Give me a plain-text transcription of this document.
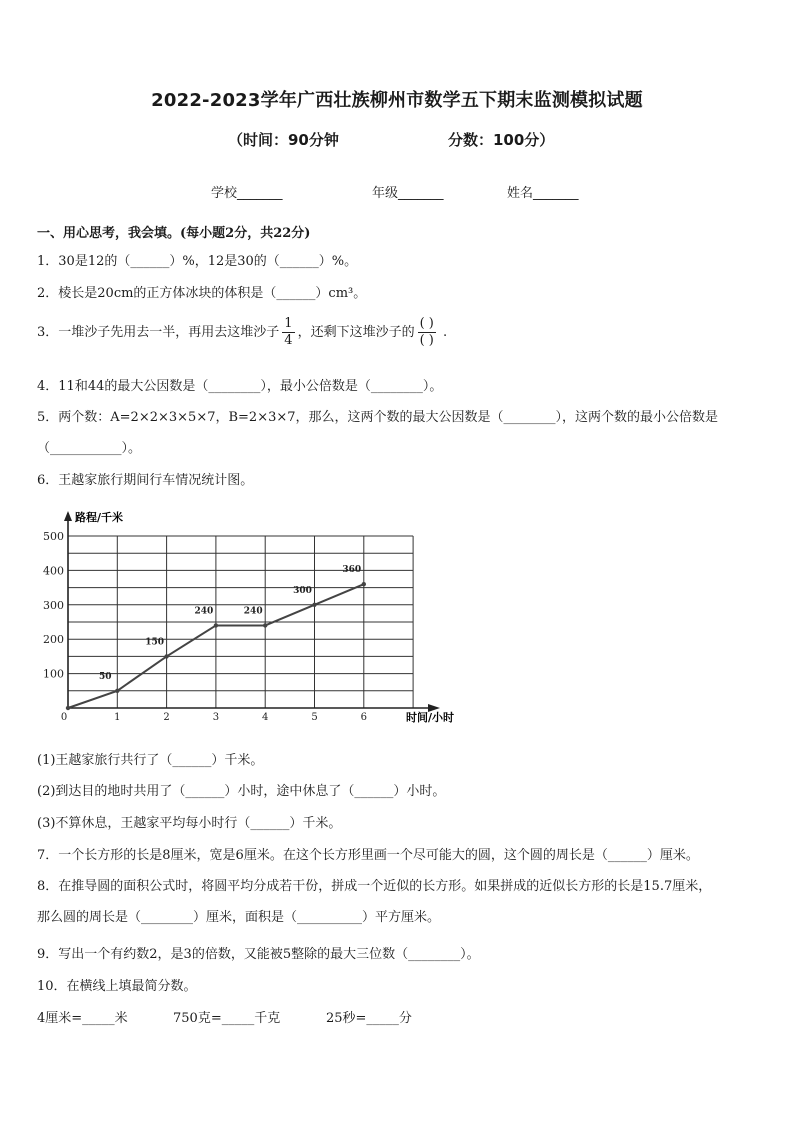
2022-2023学年广西壮族柳州市数学五下期末监测模拟试题
（时间：90分钟	分数：100分）
学校_______	年级_______	姓名_______
一、用心思考，我会填。(每小题2分，共22分)
1．30是12的（______）%，12是30的（______）%。
2．棱长是20cm的正方体冰块的体积是（______）cm³。
3．一堆沙子先用去一半，再用去这堆沙子 $\frac{1}{4}$ ，还剩下这堆沙子的 $\frac{( )}{( )}$ .
4．11和44的最大公因数是（________），最小公倍数是（________）。
5．两个数：A=2×2×3×5×7，B=2×3×7，那么，这两个数的最大公因数是（________），这两个数的最小公倍数是
（___________）。
6．王越家旅行期间行车情况统计图。
100
200
300
400
500
0	1	2	3	4	5	6
50
150
240	240
300
360
路程/千米
时间/小时
(1)王越家旅行共行了（______）千米。
(2)到达目的地时共用了（______）小时，途中休息了（______）小时。
(3)不算休息，王越家平均每小时行（______）千米。
7．一个长方形的长是8厘米，宽是6厘米。在这个长方形里画一个尽可能大的圆，这个圆的周长是（______）厘米。
8．在推导圆的面积公式时，将圆平均分成若干份，拼成一个近似的长方形。如果拼成的近似长方形的长是15.7厘米，
那么圆的周长是（________）厘米，面积是（__________）平方厘米。
9．写出一个有约数2，是3的倍数，又能被5整除的最大三位数（________）。
10．在横线上填最简分数。
4厘米=_____米	750克=_____千克	25秒=_____分
